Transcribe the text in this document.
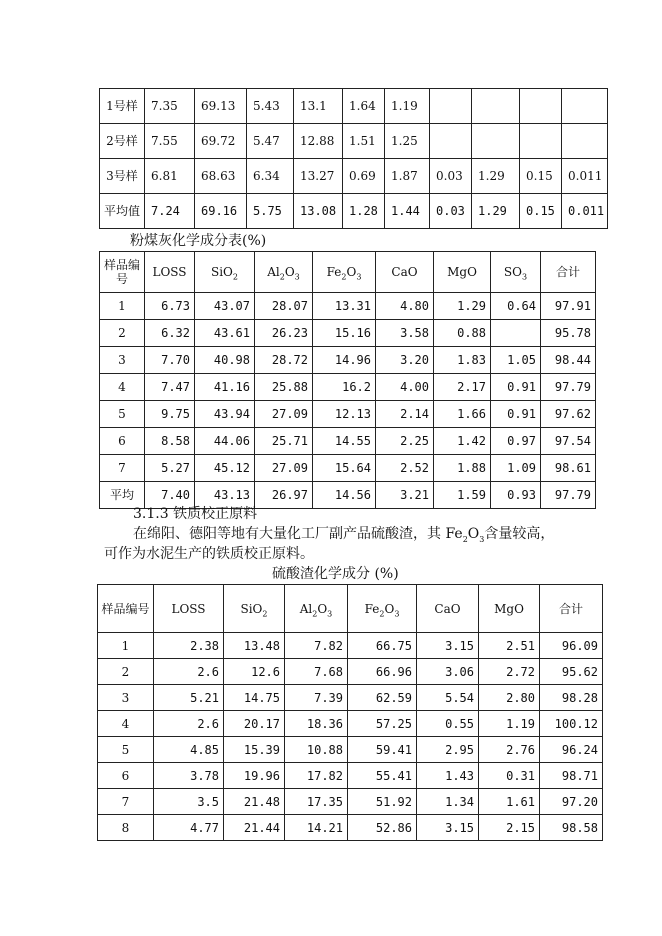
1号样	7.35	69.13	5.43	13.1	1.64	1.19				
2号样	7.55	69.72	5.47	12.88	1.51	1.25				
3号样	6.81	68.63	6.34	13.27	0.69	1.87	0.03	1.29	0.15	0.011
平均值	7.24	69.16	5.75	13.08	1.28	1.44	0.03	1.29	0.15	0.011
粉煤灰化学成分表(%)
样品编号	LOSS	SiO$_2$	$Al_2O_3$	$Fe_2O_3$	CaO	MgO	$SO_3$	合计
1	6.73	43.07	28.07	13.31	4.80	1.29	0.64	97.91
2	6.32	43.61	26.23	15.16	3.58	0.88		95.78
3	7.70	40.98	28.72	14.96	3.20	1.83	1.05	98.44
4	7.47	41.16	25.88	16.2	4.00	2.17	0.91	97.79
5	9.75	43.94	27.09	12.13	2.14	1.66	0.91	97.62
6	8.58	44.06	25.71	14.55	2.25	1.42	0.97	97.54
7	5.27	45.12	27.09	15.64	2.52	1.88	1.09	98.61
平均	7.40	43.13	26.97	14.56	3.21	1.59	0.93	97.79
3.1.3 铁质校正原料
在绵阳、德阳等地有大量化工厂副产品硫酸渣，其 $Fe_2O_3$含量较高，
可作为水泥生产的铁质校正原料。
硫酸渣化学成分 (%)
样品编号	LOSS	SiO$_2$	$Al_2O_3$	$Fe_2O_3$	CaO	MgO	合计
1	2.38	13.48	7.82	66.75	3.15	2.51	96.09
2	2.6	12.6	7.68	66.96	3.06	2.72	95.62
3	5.21	14.75	7.39	62.59	5.54	2.80	98.28
4	2.6	20.17	18.36	57.25	0.55	1.19	100.12
5	4.85	15.39	10.88	59.41	2.95	2.76	96.24
6	3.78	19.96	17.82	55.41	1.43	0.31	98.71
7	3.5	21.48	17.35	51.92	1.34	1.61	97.20
8	4.77	21.44	14.21	52.86	3.15	2.15	98.58
